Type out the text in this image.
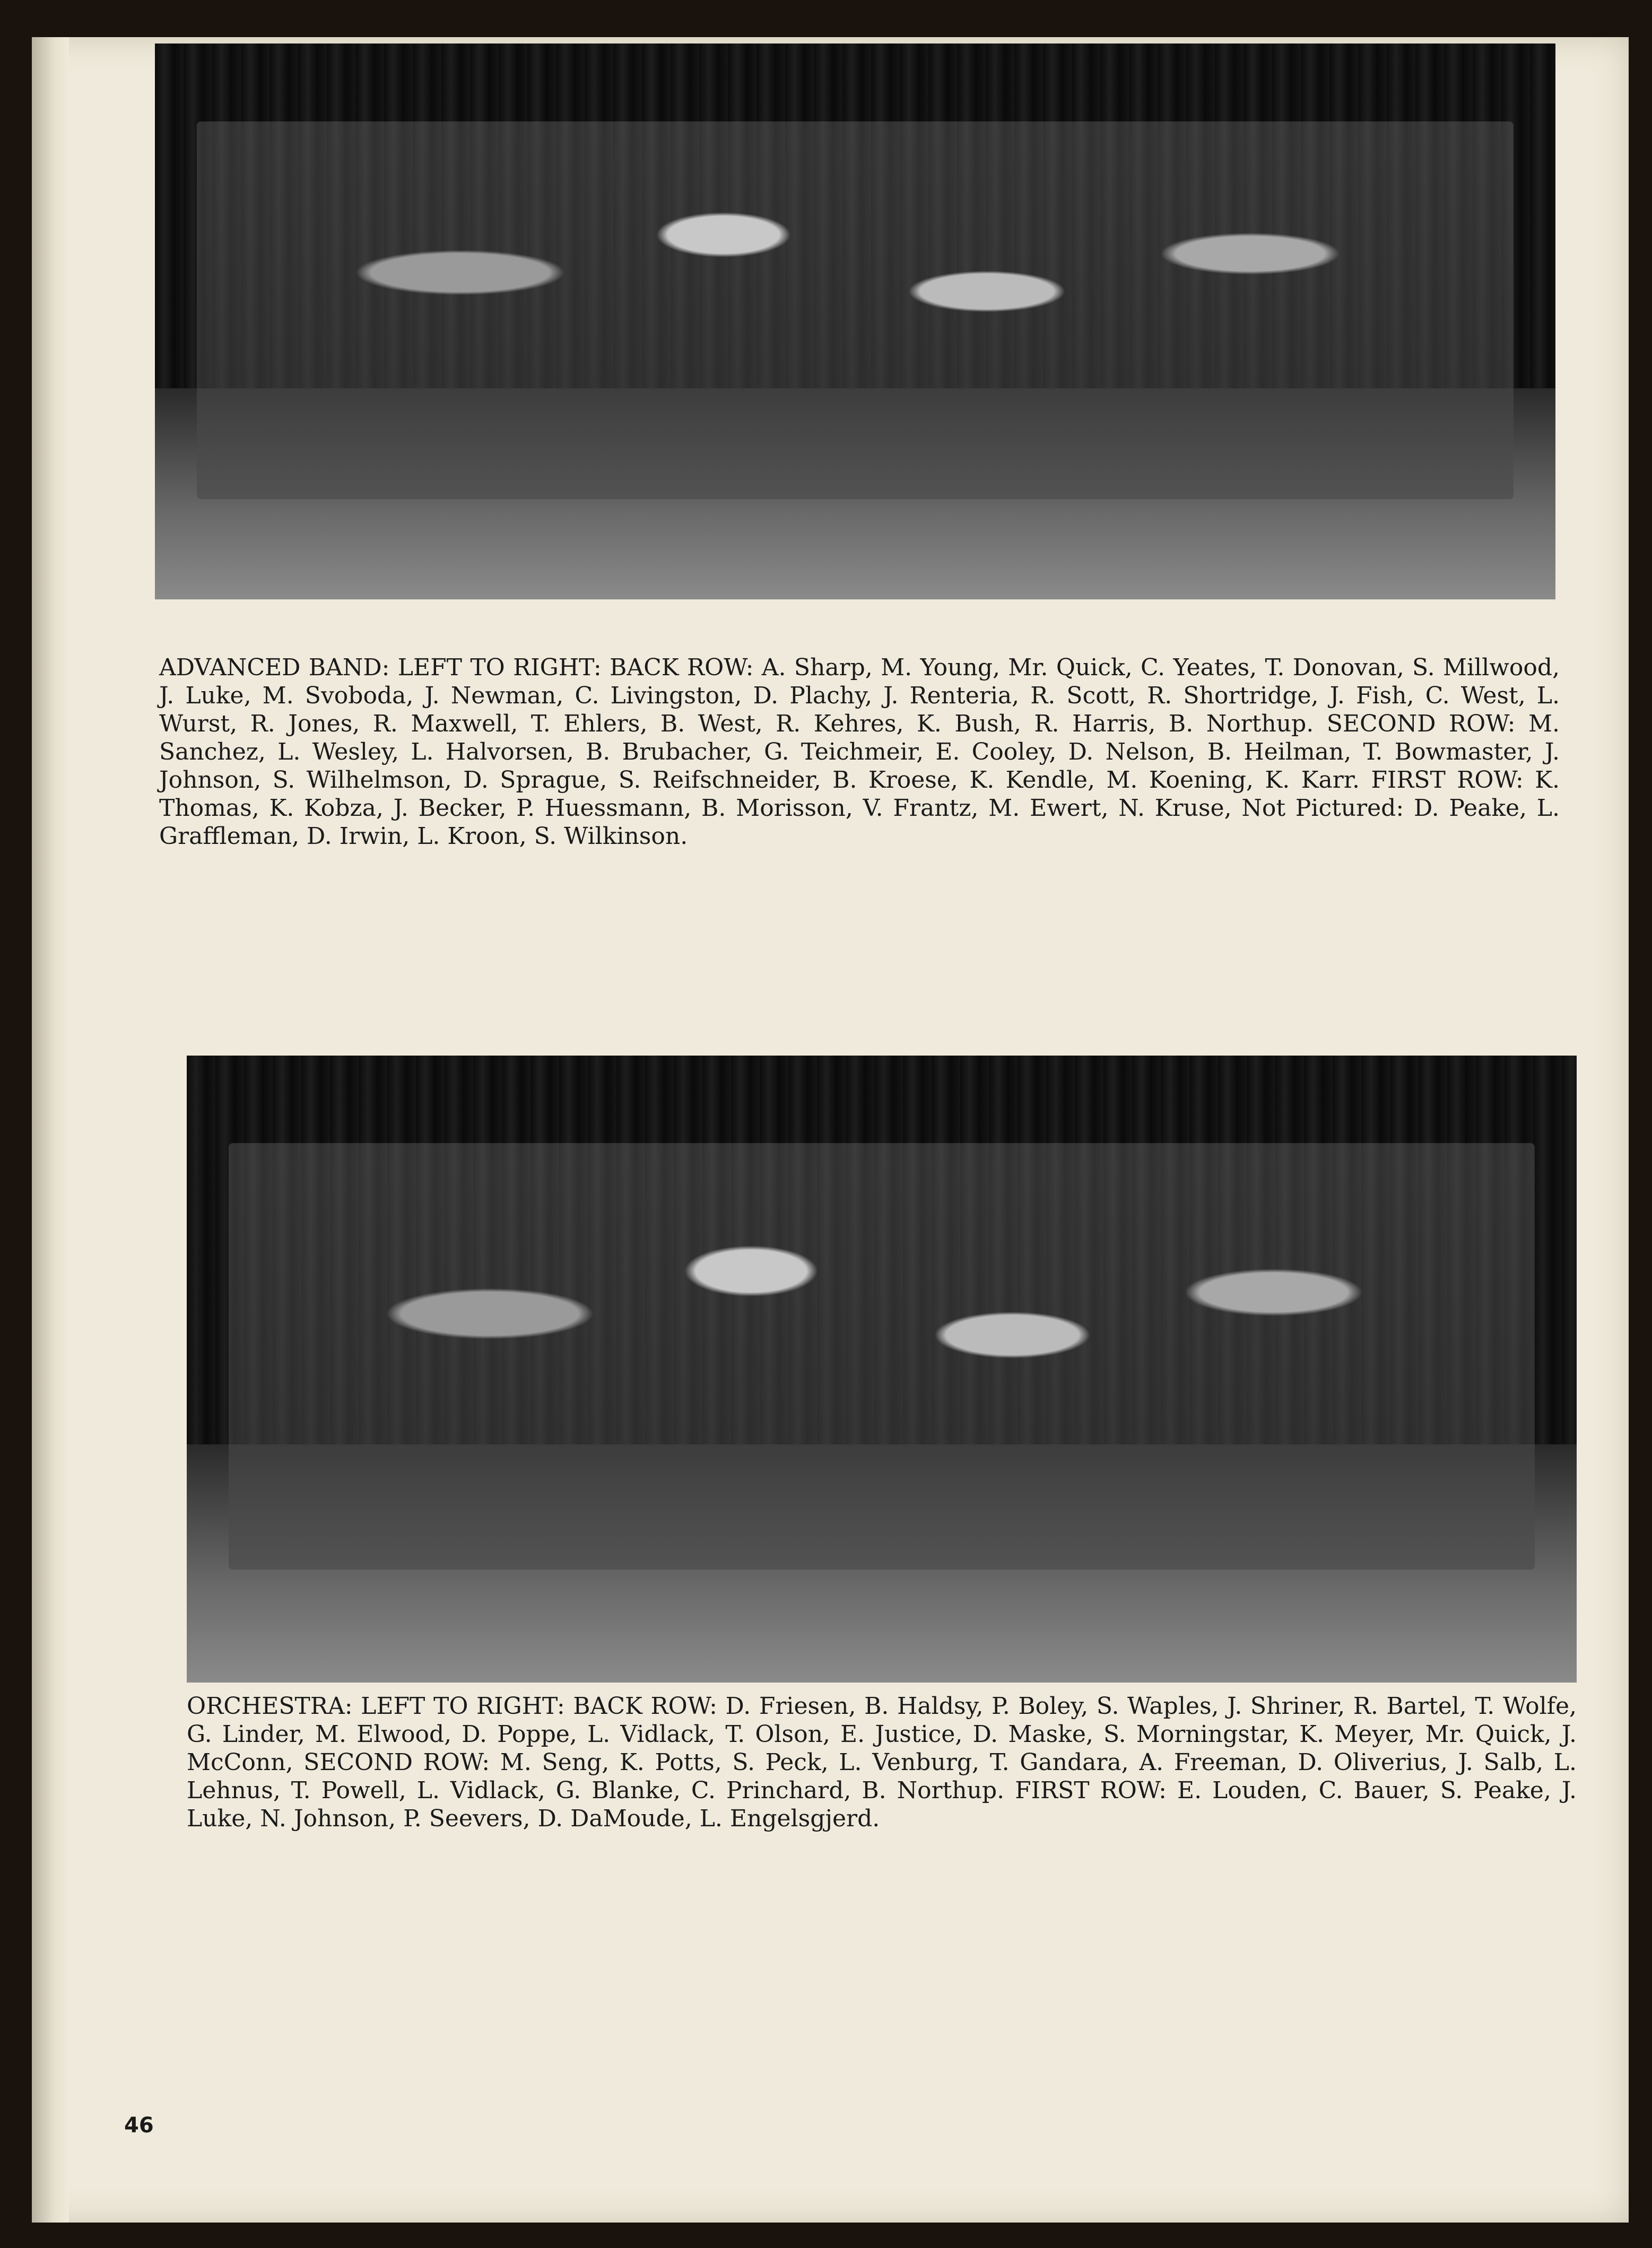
ADVANCED BAND: LEFT TO RIGHT: BACK ROW: A. Sharp, M. Young, Mr. Quick, C. Yeates, T. Donovan, S. Millwood, J. Luke, M. Svoboda, J. Newman, C. Livingston, D. Plachy, J. Renteria, R. Scott, R. Shortridge, J. Fish, C. West, L. Wurst, R. Jones, R. Maxwell, T. Ehlers, B. West, R. Kehres, K. Bush, R. Harris, B. Northup. SECOND ROW: M. Sanchez, L. Wesley, L. Halvorsen, B. Brubacher, G. Teichmeir, E. Cooley, D. Nelson, B. Heilman, T. Bowmaster, J. Johnson, S. Wilhelmson, D. Sprague, S. Reifschneider, B. Kroese, K. Kendle, M. Koening, K. Karr. FIRST ROW: K. Thomas, K. Kobza, J. Becker, P. Huessmann, B. Morisson, V. Frantz, M. Ewert, N. Kruse, Not Pictured: D. Peake, L. Graffleman, D. Irwin, L. Kroon, S. Wilkinson.
ORCHESTRA: LEFT TO RIGHT: BACK ROW: D. Friesen, B. Haldsy, P. Boley, S. Waples, J. Shriner, R. Bartel, T. Wolfe, G. Linder, M. Elwood, D. Poppe, L. Vidlack, T. Olson, E. Justice, D. Maske, S. Morningstar, K. Meyer, Mr. Quick, J. McConn, SECOND ROW: M. Seng, K. Potts, S. Peck, L. Venburg, T. Gandara, A. Freeman, D. Oliverius, J. Salb, L. Lehnus, T. Powell, L. Vidlack, G. Blanke, C. Princhard, B. Northup. FIRST ROW: E. Louden, C. Bauer, S. Peake, J. Luke, N. Johnson, P. Seevers, D. DaMoude, L. Engelsgjerd.
46
